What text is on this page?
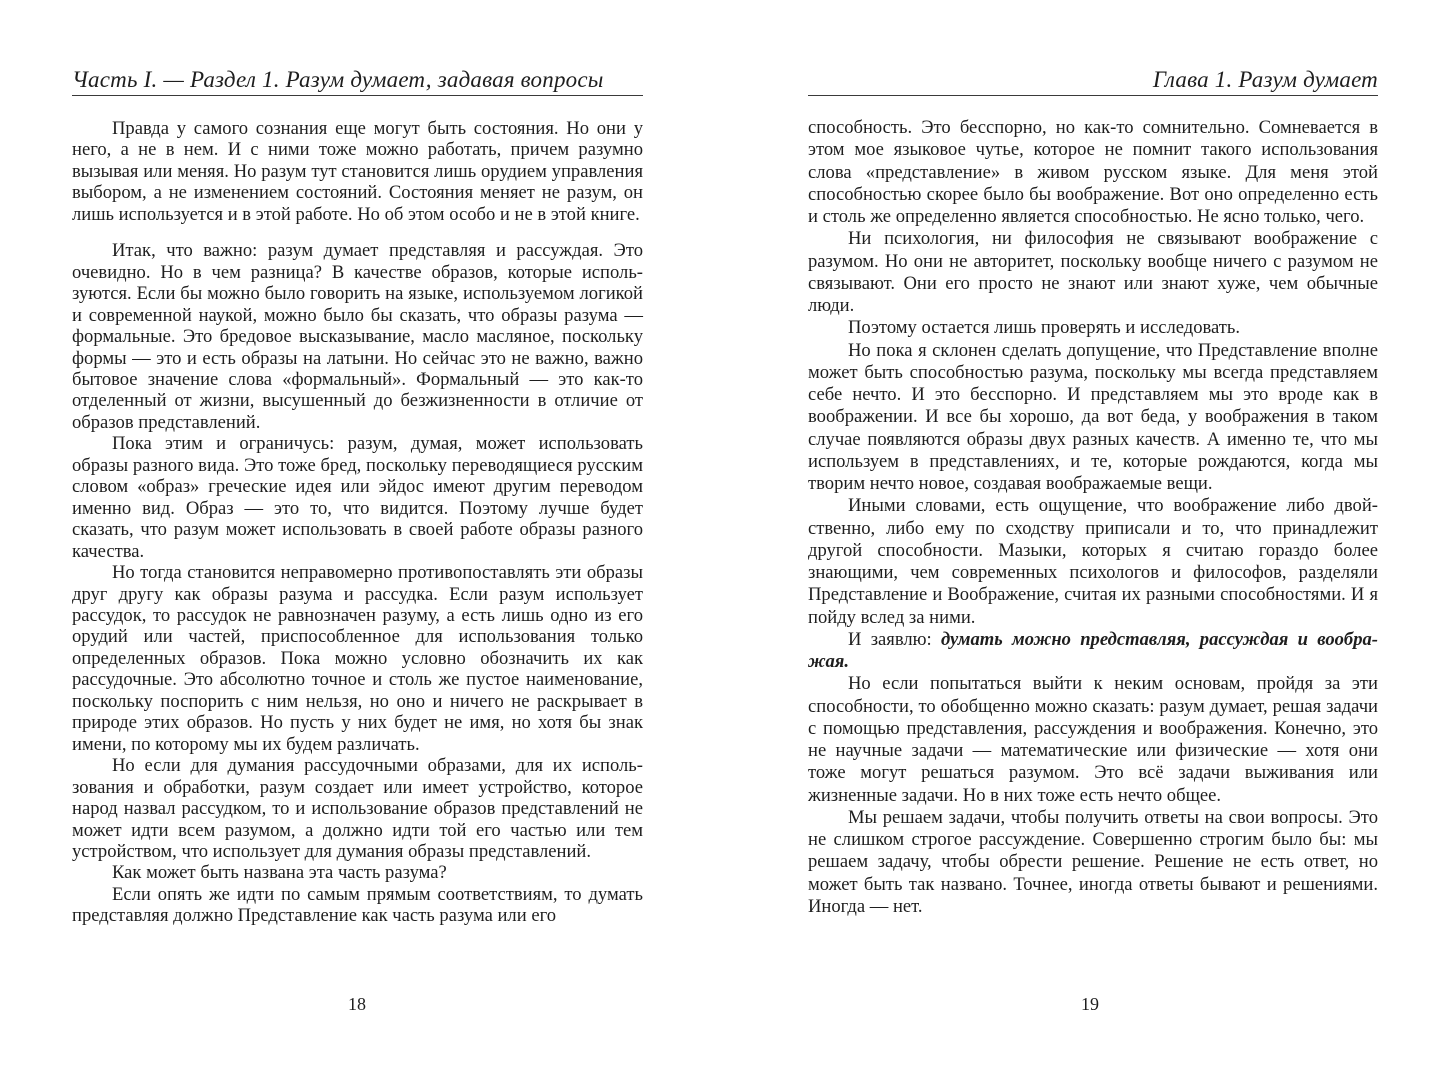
Часть I. — Раздел 1. Разум думает, задавая вопросы

Правда у самого сознания еще могут быть состояния. Но они у него, а не в нем. И с ними тоже можно работать, причем разумно вызывая или меняя. Но разум тут становится лишь орудием управления выбором, а не изменением состояний. Состояния меняет не разум, он лишь используется и в этой работе. Но об этом особо и не в этой книге.

Итак, что важно: разум думает представляя и рассуждая. Это очевидно. Но в чем разница? В качестве образов, которые используются. Если бы можно было говорить на языке, используемом логикой и современной наукой, можно было бы сказать, что образы разума — формальные. Это бредовое высказывание, масло масляное, поскольку формы — это и есть образы на латыни. Но сейчас это не важно, важно бытовое значение слова «формальный». Формальный — это как-то отделенный от жизни, высушенный до безжизненности в отличие от образов представлений.

Пока этим и ограничусь: разум, думая, может использовать образы разного вида. Это тоже бред, поскольку переводящиеся русским словом «образ» греческие идея или эйдос имеют другим переводом именно вид. Образ — это то, что видится. Поэтому лучше будет сказать, что разум может использовать в своей работе образы разного качества.

Но тогда становится неправомерно противопоставлять эти образы друг другу как образы разума и рассудка. Если разум использует рассудок, то рассудок не равнозначен разуму, а есть лишь одно из его орудий или частей, приспособленное для использования только определенных образов. Пока можно условно обозначить их как рассудочные. Это абсолютно точное и столь же пустое наименование, поскольку поспорить с ним нельзя, но оно и ничего не раскрывает в природе этих образов. Но пусть у них будет не имя, но хотя бы знак имени, по которому мы их будем различать.

Но если для думания рассудочными образами, для их использования и обработки, разум создает или имеет устройство, которое народ назвал рассудком, то и использование образов представлений не может идти всем разумом, а должно идти той его частью или тем устройством, что использует для думания образы представлений.

Как может быть названа эта часть разума?

Если опять же идти по самым прямым соответствиям, то думать представляя должно Представление как часть разума или его

18
Глава 1. Разум думает

способность. Это бесспорно, но как-то сомнительно. Сомневается в этом мое языковое чутье, которое не помнит такого использования слова «представление» в живом русском языке. Для меня этой способностью скорее было бы воображение. Вот оно определенно есть и столь же определенно является способностью. Не ясно только, чего.

Ни психология, ни философия не связывают воображение с разумом. Но они не авторитет, поскольку вообще ничего с разумом не связывают. Они его просто не знают или знают хуже, чем обычные люди.

Поэтому остается лишь проверять и исследовать.

Но пока я склонен сделать допущение, что Представление вполне может быть способностью разума, поскольку мы всегда представляем себе нечто. И это бесспорно. И представляем мы это вроде как в воображении. И все бы хорошо, да вот беда, у воображения в таком случае появляются образы двух разных качеств. А именно те, что мы используем в представлениях, и те, которые рождаются, когда мы творим нечто новое, создавая воображаемые вещи.

Иными словами, есть ощущение, что воображение либо двойственно, либо ему по сходству приписали и то, что принадлежит другой способности. Мазыки, которых я считаю гораздо более знающими, чем современных психологов и философов, разделяли Представление и Воображение, считая их разными способностями. И я пойду вслед за ними.

И заявлю: думать можно представляя, рассуждая и воображая.

Но если попытаться выйти к неким основам, пройдя за эти способности, то обобщенно можно сказать: разум думает, решая задачи с помощью представления, рассуждения и воображения. Конечно, это не научные задачи — математические или физические — хотя они тоже могут решаться разумом. Это всё задачи выживания или жизненные задачи. Но в них тоже есть нечто общее.

Мы решаем задачи, чтобы получить ответы на свои вопросы. Это не слишком строгое рассуждение. Совершенно строгим было бы: мы решаем задачу, чтобы обрести решение. Решение не есть ответ, но может быть так названо. Точнее, иногда ответы бывают и решениями. Иногда — нет.

19
